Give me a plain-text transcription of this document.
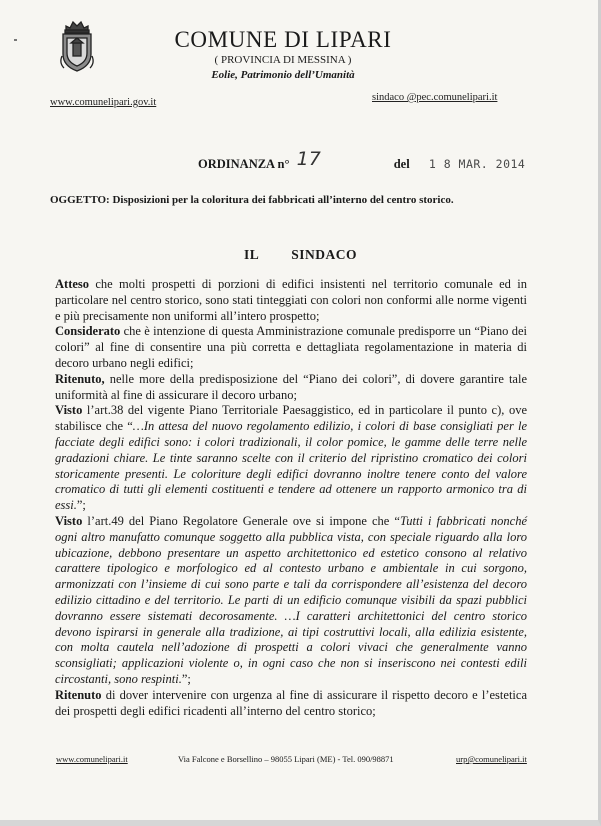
COMUNE DI LIPARI
( PROVINCIA DI MESSINA )
Eolie, Patrimonio dell’Umanità
www.comunelipari.gov.it	sindaco @pec.comunelipari.it
ORDINANZA n° 17	del 1 8 MAR. 2014
OGGETTO: Disposizioni per la coloritura dei fabbricati all’interno del centro storico.
IL SINDACO

Atteso che molti prospetti di porzioni di edifici insistenti nel territorio comunale ed in particolare nel centro storico, sono stati tinteggiati con colori non conformi alle norme vigenti e più precisamente non uniformi all’intero prospetto;

Considerato che è intenzione di questa Amministrazione comunale predisporre un “Piano dei colori” al fine di consentire una più corretta e dettagliata regolamentazione in materia di decoro urbano negli edifici;

Ritenuto, nelle more della predisposizione del “Piano dei colori”, di dovere garantire tale uniformità al fine di assicurare il decoro urbano;

Visto l’art.38 del vigente Piano Territoriale Paesaggistico, ed in particolare il punto c), ove stabilisce che “…In attesa del nuovo regolamento edilizio, i colori di base consigliati per le facciate degli edifici sono: i colori tradizionali, il color pomice, le gamme delle terre nelle gradazioni chiare. Le tinte saranno scelte con il criterio del ripristino cromatico dei colori storicamente presenti. Le coloriture degli edifici dovranno inoltre tenere conto del valore cromatico di tutti gli elementi costituenti e tendere ad ottenere un rapporto armonico tra di essi.”;

Visto l’art.49 del Piano Regolatore Generale ove si impone che “Tutti i fabbricati nonché ogni altro manufatto comunque soggetto alla pubblica vista, con speciale riguardo alla loro ubicazione, debbono presentare un aspetto architettonico ed estetico consono al relativo carattere tipologico e morfologico ed al contesto urbano e ambientale in cui sorgono, armonizzati con l’insieme di cui sono parte e tali da corrispondere all’esistenza del decoro edilizio cittadino e del territorio. Le parti di un edificio comunque visibili da spazi pubblici dovranno essere sistemati decorosamente. …I caratteri architettonici del centro storico devono ispirarsi in generale alla tradizione, ai tipi costruttivi locali, alla edilizia esistente, con molta cautela nell’adozione di prospetti a colori vivaci che generalmente vanno sconsigliati; applicazioni violente o, in ogni caso che non si inseriscono nei contesti edili circostanti, sono respinti.”;

Ritenuto di dover intervenire con urgenza al fine di assicurare il rispetto decoro e l’estetica dei prospetti degli edifici ricadenti all’interno del centro storico;

www.comunelipari.it	Via Falcone e Borsellino – 98055 Lipari (ME) - Tel. 090/98871	urp@comunelipari.it
